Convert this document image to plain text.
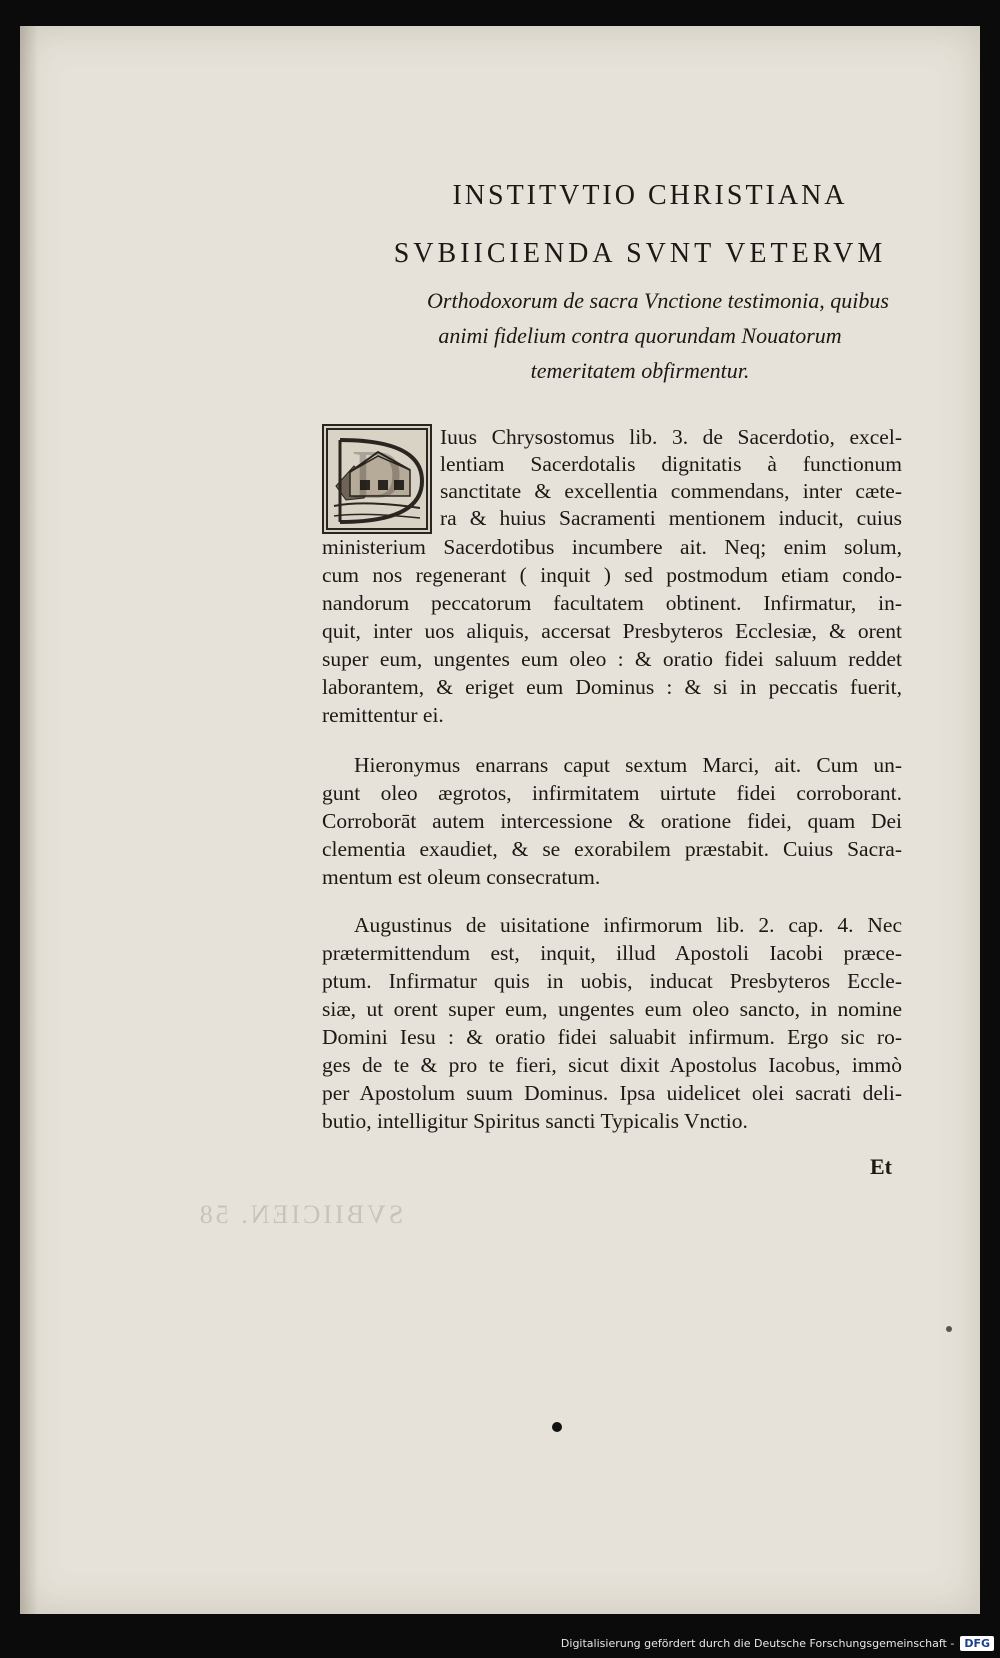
SVBIICIEN. 58
INSTITVTIO CHRISTIANA
SVBIICIENDA SVNT VETERVM
Orthodoxorum de sacra Vnctione testimonia, quibus
animi fidelium contra quorundam Nouatorum
temeritatem obfirmentur.
D Iuus Chrysostomus lib. 3. de Sacerdotio, excel-
lentiam Sacerdotalis dignitatis à functionum
sanctitate & excellentia commendans, inter cæte-
ra & huius Sacramenti mentionem inducit, cuius
ministerium Sacerdotibus incumbere ait. Neq; enim solum,
cum nos regenerant ( inquit ) sed postmodum etiam condo-
nandorum peccatorum facultatem obtinent. Infirmatur, in-
quit, inter uos aliquis, accersat Presbyteros Ecclesiæ, & orent
super eum, ungentes eum oleo : & oratio fidei saluum reddet
laborantem, & eriget eum Dominus : & si in peccatis fuerit,
remittentur ei.
Hieronymus enarrans caput sextum Marci, ait. Cum un-
gunt oleo ægrotos, infirmitatem uirtute fidei corroborant.
Corroborāt autem intercessione & oratione fidei, quam Dei
clementia exaudiet, & se exorabilem præstabit. Cuius Sacra-
mentum est oleum consecratum.
Augustinus de uisitatione infirmorum lib. 2. cap. 4. Nec
prætermittendum est, inquit, illud Apostoli Iacobi præce-
ptum. Infirmatur quis in uobis, inducat Presbyteros Eccle-
siæ, ut orent super eum, ungentes eum oleo sancto, in nomine
Domini Iesu : & oratio fidei saluabit infirmum. Ergo sic ro-
ges de te & pro te fieri, sicut dixit Apostolus Iacobus, immò
per Apostolum suum Dominus. Ipsa uidelicet olei sacrati deli-
butio, intelligitur Spiritus sancti Typicalis Vnctio.
Et
Digitalisierung gefördert durch die Deutsche Forschungsgemeinschaft - DFG
